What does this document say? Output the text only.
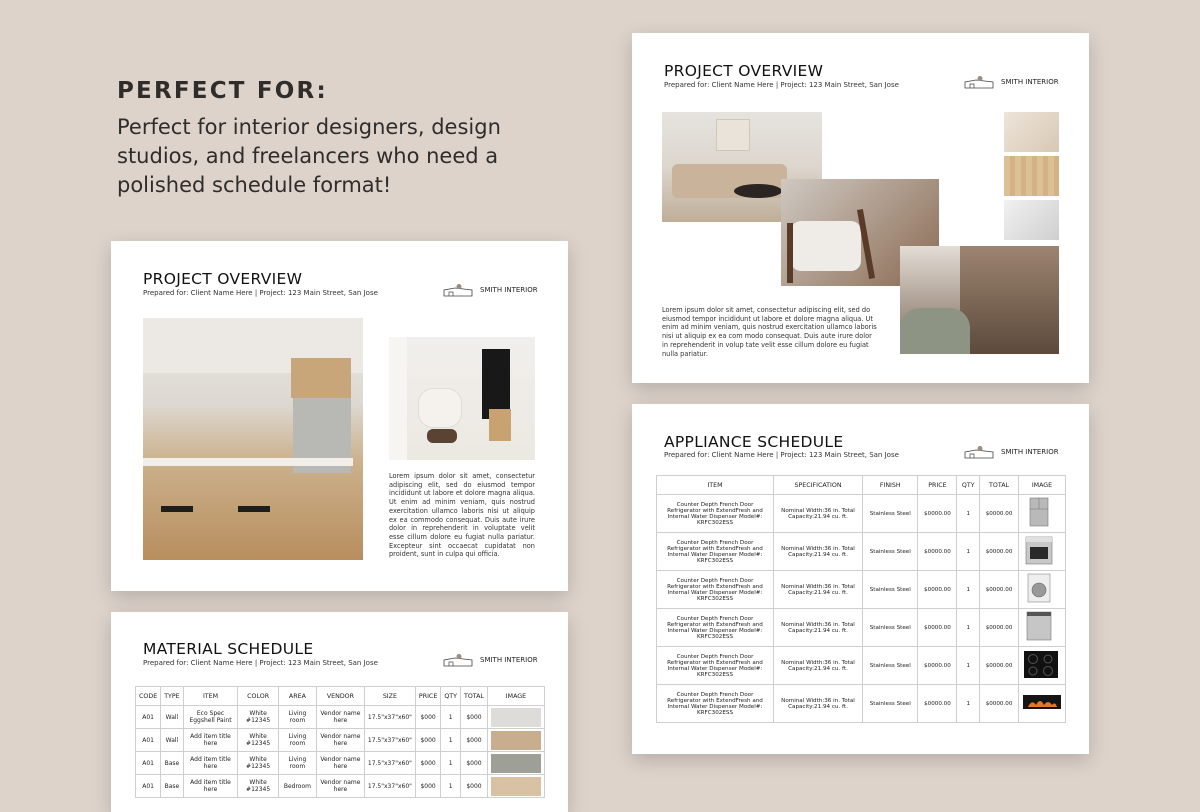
PERFECT FOR:

Perfect for interior designers, design studios, and freelancers who need a polished schedule format!

PROJECT OVERVIEW
Prepared for: Client Name Here | Project: 123 Main Street, San Jose	SMITH INTERIOR
Lorem ipsum dolor sit amet, consectetur adipiscing elit, sed do eiusmod tempor incididunt ut labore et dolore magna aliqua. Ut enim ad minim veniam, quis nostrud exercitation ullamco laboris nisi ut aliquip ex ea commodo consequat. Duis aute irure dolor in reprehenderit in voluptate velit esse cillum dolore eu fugiat nulla pariatur. Excepteur sint occaecat cupidatat non proident, sunt in culpa qui officia.
MATERIAL SCHEDULE
Prepared for: Client Name Here | Project: 123 Main Street, San Jose	SMITH INTERIOR
CODE	TYPE	ITEM	COLOR	AREA	VENDOR	SIZE	PRICE	QTY	TOTAL	IMAGE
A01	Wall	Eco Spec Eggshell Paint	White #12345	Living room	Vendor name here	17.5"x37"x60"	$000	1	$000	

A01	Wall	Add item title here	White #12345	Living room	Vendor name here	17.5"x37"x60"	$000	1	$000	

A01	Base	Add item title here	White #12345	Living room	Vendor name here	17.5"x37"x60"	$000	1	$000	

A01	Base	Add item title here	White #12345	Bedroom	Vendor name here	17.5"x37"x60"	$000	1	$000	
PROJECT OVERVIEW
Prepared for: Client Name Here | Project: 123 Main Street, San Jose	SMITH INTERIOR
Lorem ipsum dolor sit amet, consectetur adipiscing elit, sed do eiusmod tempor incididunt ut labore et dolore magna aliqua. Ut enim ad minim veniam, quis nostrud exercitation ullamco laboris nisi ut aliquip ex ea com modo consequat. Duis aute irure dolor in reprehenderit in volup tate velit esse cillum dolore eu fugiat nulla pariatur.
APPLIANCE SCHEDULE
Prepared for: Client Name Here | Project: 123 Main Street, San Jose	SMITH INTERIOR
ITEM	SPECIFICATION	FINISH	PRICE	QTY	TOTAL	IMAGE
Counter Depth French Door Refrigerator with ExtendFresh and Internal Water Dispenser Model#: KRFC302ESS	Nominal Width:36 in. Total Capacity:21.94 cu. ft.	Stainless Steel	$0000.00	1	$0000.00	
Counter Depth French Door Refrigerator with ExtendFresh and Internal Water Dispenser Model#: KRFC302ESS	Nominal Width:36 in. Total Capacity:21.94 cu. ft.	Stainless Steel	$0000.00	1	$0000.00	
Counter Depth French Door Refrigerator with ExtendFresh and Internal Water Dispenser Model#: KRFC302ESS	Nominal Width:36 in. Total Capacity:21.94 cu. ft.	Stainless Steel	$0000.00	1	$0000.00	
Counter Depth French Door Refrigerator with ExtendFresh and Internal Water Dispenser Model#: KRFC302ESS	Nominal Width:36 in. Total Capacity:21.94 cu. ft.	Stainless Steel	$0000.00	1	$0000.00	
Counter Depth French Door Refrigerator with ExtendFresh and Internal Water Dispenser Model#: KRFC302ESS	Nominal Width:36 in. Total Capacity:21.94 cu. ft.	Stainless Steel	$0000.00	1	$0000.00	
Counter Depth French Door Refrigerator with ExtendFresh and Internal Water Dispenser Model#: KRFC302ESS	Nominal Width:36 in. Total Capacity:21.94 cu. ft.	Stainless Steel	$0000.00	1	$0000.00	
